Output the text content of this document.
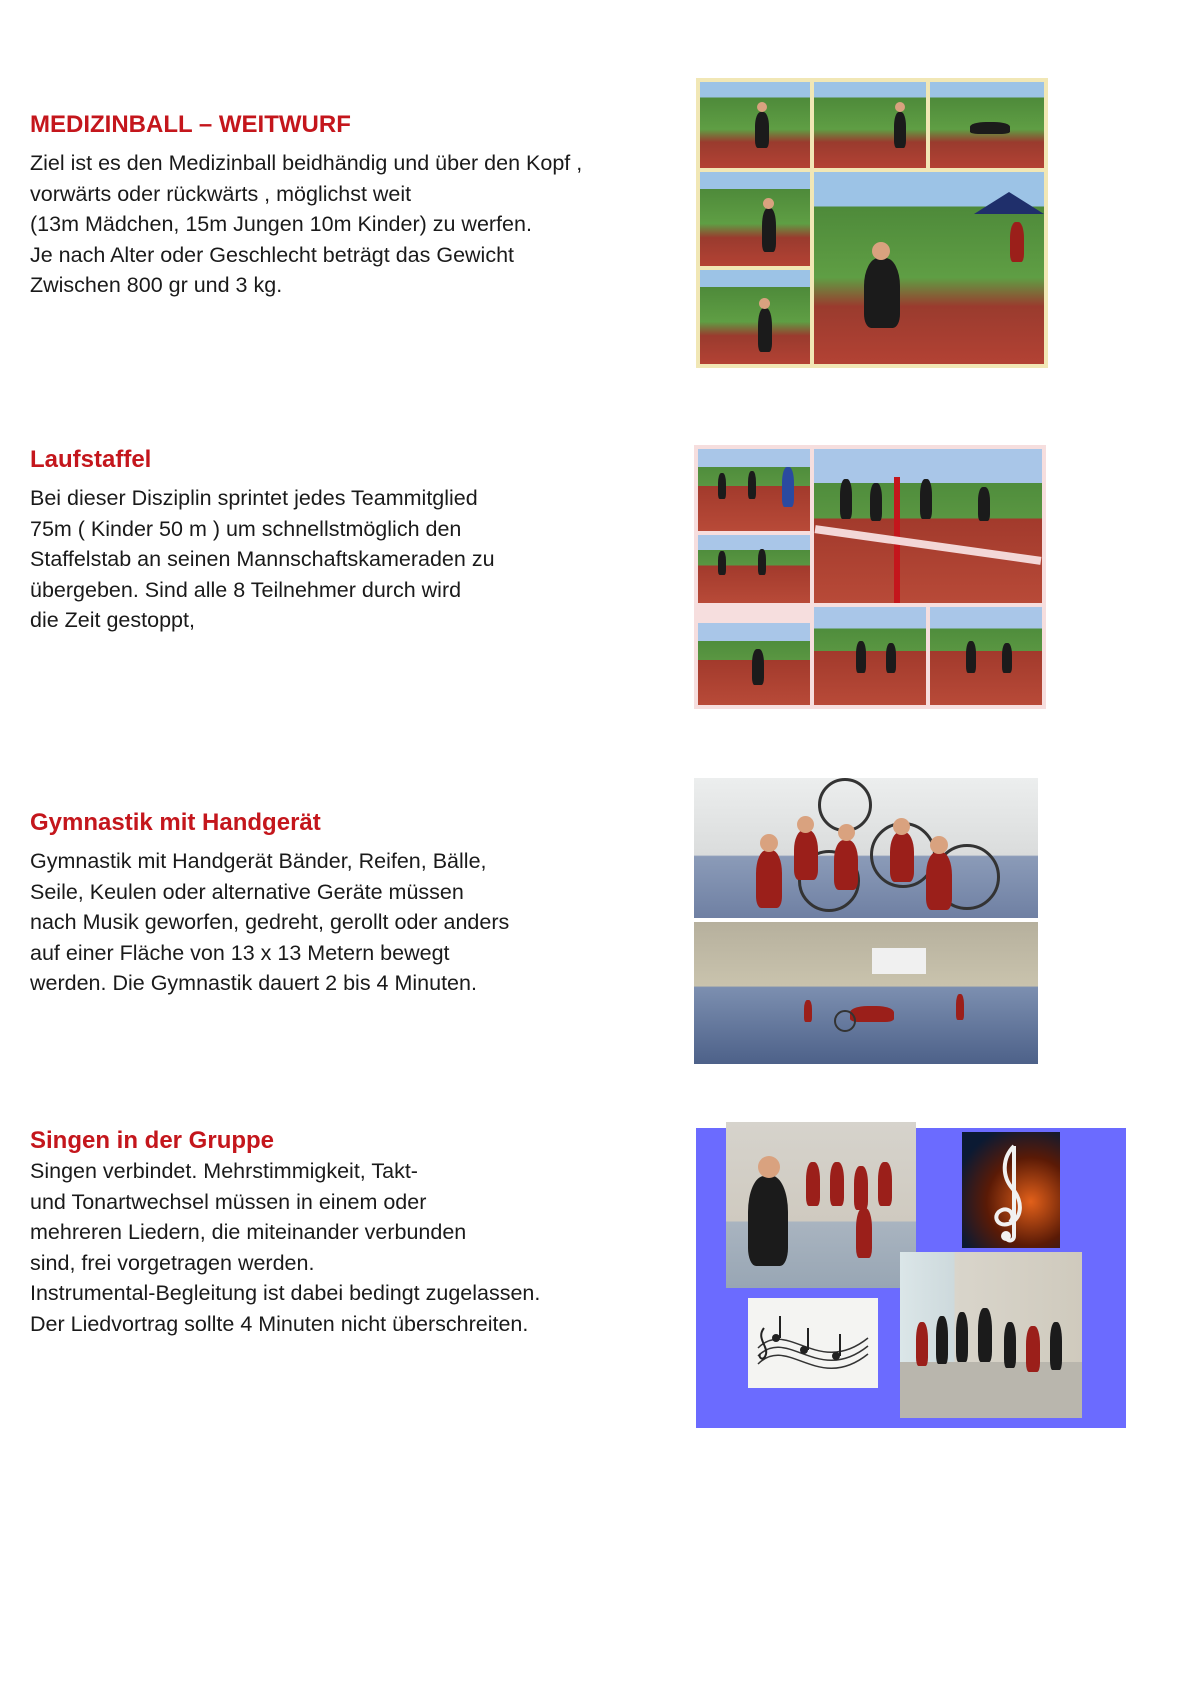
MEDIZINBALL – WEITWURF
Ziel ist es den Medizinball beidhändig und über den Kopf ,
vorwärts oder rückwärts , möglichst weit
(13m Mädchen, 15m Jungen 10m Kinder) zu werfen.
Je nach Alter oder Geschlecht beträgt das Gewicht
Zwischen 800 gr und 3 kg.
Laufstaffel
Bei dieser Disziplin sprintet jedes Teammitglied
75m ( Kinder 50 m ) um schnellstmöglich den
Staffelstab an seinen Mannschaftskameraden zu
übergeben. Sind alle 8 Teilnehmer durch wird
die Zeit gestoppt,
Gymnastik mit Handgerät
Gymnastik mit Handgerät Bänder, Reifen, Bälle,
Seile, Keulen oder alternative Geräte müssen
nach Musik geworfen, gedreht, gerollt oder anders
auf einer Fläche von 13 x 13 Metern bewegt
werden. Die Gymnastik dauert 2 bis 4 Minuten.
Singen in der Gruppe
Singen verbindet. Mehrstimmigkeit, Takt-
und Tonartwechsel müssen in einem oder
mehreren Liedern, die miteinander verbunden
sind, frei vorgetragen werden.
Instrumental-Begleitung ist dabei bedingt zugelassen.
Der Liedvortrag sollte 4 Minuten nicht überschreiten.
